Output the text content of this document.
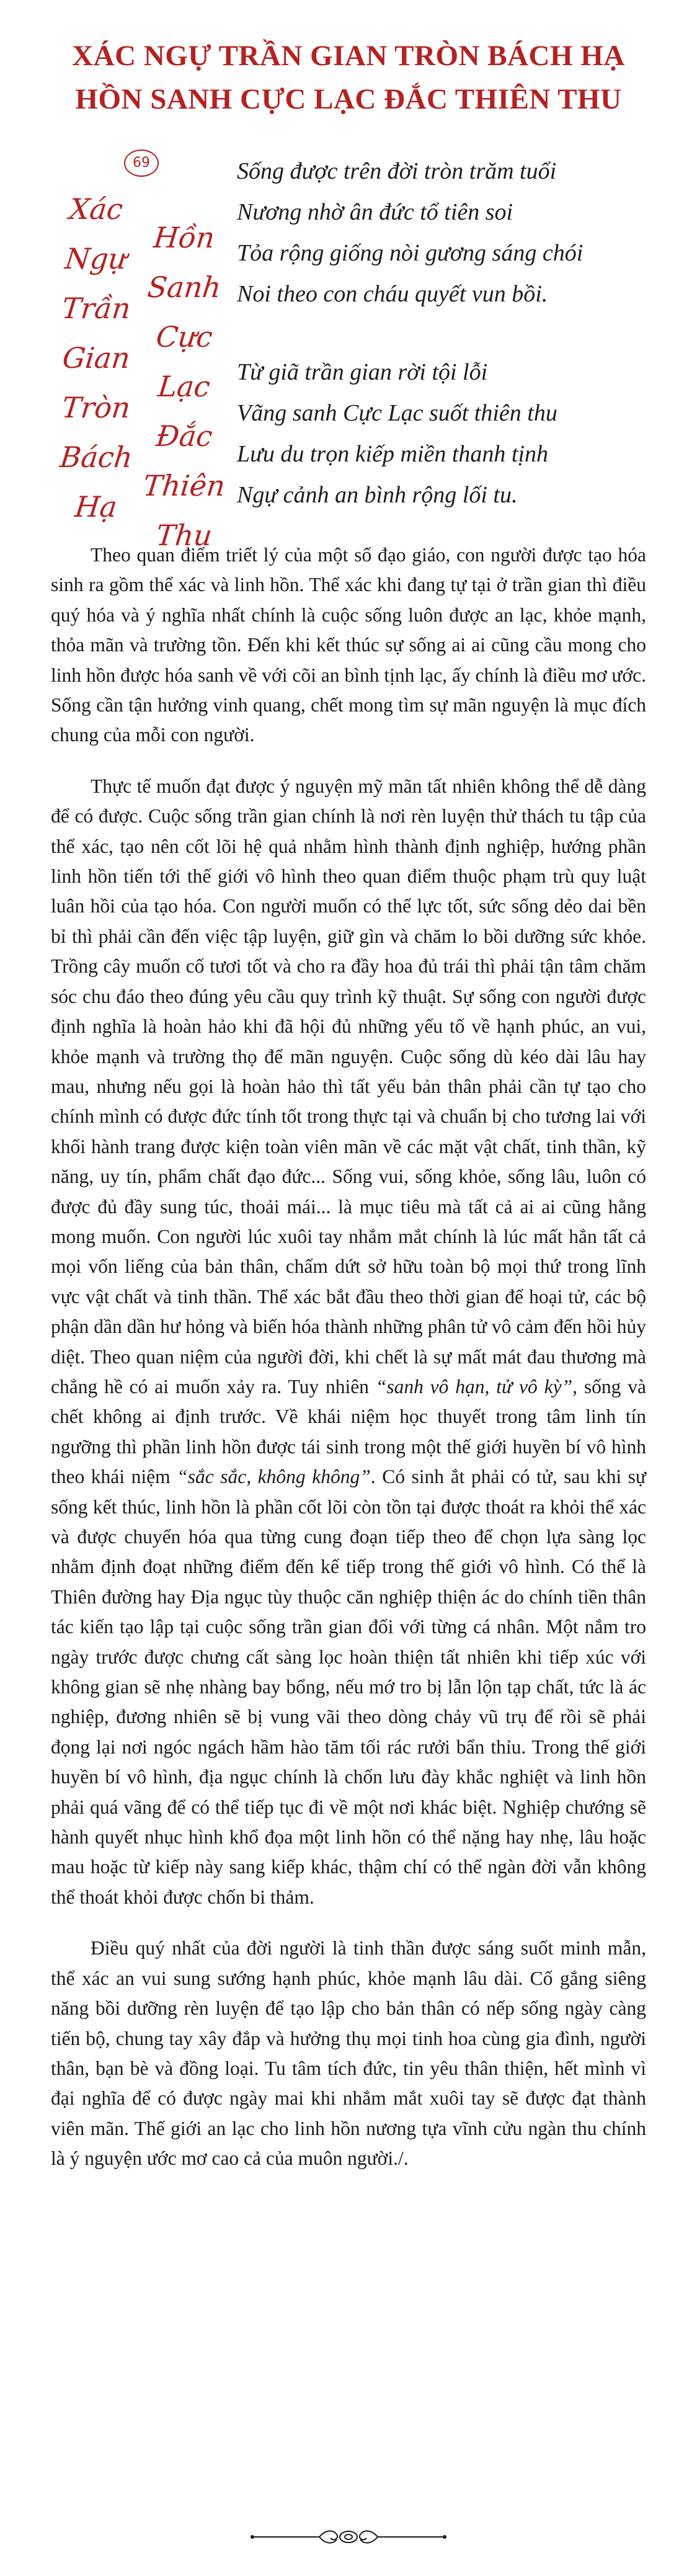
XÁC NGỰ TRẦN GIAN TRÒN BÁCH HẠ
HỒN SANH CỰC LẠC ĐẮC THIÊN THU
69
Xác
Ngự
Trần
Gian
Tròn
Bách
Hạ
Hồn
Sanh
Cực
Lạc
Đắc
Thiên
Thu
Sống được trên đời tròn trăm tuổi
Nương nhờ ân đức tổ tiên soi
Tỏa rộng giống nòi gương sáng chói
Noi theo con cháu quyết vun bồi.
Từ giã trần gian rời tội lỗi
Vãng sanh Cực Lạc suốt thiên thu
Lưu du trọn kiếp miền thanh tịnh
Ngự cảnh an bình rộng lối tu.

Theo quan điểm triết lý của một số đạo giáo, con người được tạo hóa sinh ra gồm thể xác và linh hồn. Thể xác khi đang tự tại ở trần gian thì điều quý hóa và ý nghĩa nhất chính là cuộc sống luôn được an lạc, khỏe mạnh, thỏa mãn và trường tồn. Đến khi kết thúc sự sống ai ai cũng cầu mong cho linh hồn được hóa sanh về với cõi an bình tịnh lạc, ấy chính là điều mơ ước. Sống cần tận hưởng vinh quang, chết mong tìm sự mãn nguyện là mục đích chung của mỗi con người.

Thực tế muốn đạt được ý nguyện mỹ mãn tất nhiên không thể dễ dàng để có được. Cuộc sống trần gian chính là nơi rèn luyện thử thách tu tập của thể xác, tạo nên cốt lõi hệ quả nhằm hình thành định nghiệp, hướng phần linh hồn tiến tới thế giới vô hình theo quan điểm thuộc phạm trù quy luật luân hồi của tạo hóa. Con người muốn có thể lực tốt, sức sống dẻo dai bền bỉ thì phải cần đến việc tập luyện, giữ gìn và chăm lo bồi dưỡng sức khỏe. Trồng cây muốn cố tươi tốt và cho ra đầy hoa đủ trái thì phải tận tâm chăm sóc chu đáo theo đúng yêu cầu quy trình kỹ thuật. Sự sống con người được định nghĩa là hoàn hảo khi đã hội đủ những yếu tố về hạnh phúc, an vui, khỏe mạnh và trường thọ để mãn nguyện. Cuộc sống dù kéo dài lâu hay mau, nhưng nếu gọi là hoàn hảo thì tất yếu bản thân phải cần tự tạo cho chính mình có được đức tính tốt trong thực tại và chuẩn bị cho tương lai với khối hành trang được kiện toàn viên mãn về các mặt vật chất, tinh thần, kỹ năng, uy tín, phẩm chất đạo đức... Sống vui, sống khỏe, sống lâu, luôn có được đủ đầy sung túc, thoải mái... là mục tiêu mà tất cả ai ai cũng hằng mong muốn. Con người lúc xuôi tay nhắm mắt chính là lúc mất hẳn tất cả mọi vốn liếng của bản thân, chấm dứt sở hữu toàn bộ mọi thứ trong lĩnh vực vật chất và tinh thần. Thể xác bắt đầu theo thời gian để hoại tử, các bộ phận dần dần hư hỏng và biến hóa thành những phân tử vô cảm đến hồi hủy diệt. Theo quan niệm của người đời, khi chết là sự mất mát đau thương mà chẳng hề có ai muốn xảy ra. Tuy nhiên “sanh vô hạn, tử vô kỳ”, sống và chết không ai định trước. Về khái niệm học thuyết trong tâm linh tín ngưỡng thì phần linh hồn được tái sinh trong một thế giới huyền bí vô hình theo khái niệm “sắc sắc, không không”. Có sinh ắt phải có tử, sau khi sự sống kết thúc, linh hồn là phần cốt lõi còn tồn tại được thoát ra khỏi thể xác và được chuyển hóa qua từng cung đoạn tiếp theo để chọn lựa sàng lọc nhằm định đoạt những điểm đến kế tiếp trong thế giới vô hình. Có thể là Thiên đường hay Địa ngục tùy thuộc căn nghiệp thiện ác do chính tiền thân tác kiến tạo lập tại cuộc sống trần gian đối với từng cá nhân. Một nắm tro ngày trước được chưng cất sàng lọc hoàn thiện tất nhiên khi tiếp xúc với không gian sẽ nhẹ nhàng bay bổng, nếu mớ tro bị lẫn lộn tạp chất, tức là ác nghiệp, đương nhiên sẽ bị vung vãi theo dòng chảy vũ trụ để rồi sẽ phải đọng lại nơi ngóc ngách hầm hào tăm tối rác rưởi bẩn thỉu. Trong thế giới huyền bí vô hình, địa ngục chính là chốn lưu đày khắc nghiệt và linh hồn phải quá vãng để có thể tiếp tục đi về một nơi khác biệt. Nghiệp chướng sẽ hành quyết nhục hình khổ đọa một linh hồn có thể nặng hay nhẹ, lâu hoặc mau hoặc từ kiếp này sang kiếp khác, thậm chí có thể ngàn đời vẫn không thể thoát khỏi được chốn bi thảm.

Điều quý nhất của đời người là tinh thần được sáng suốt minh mẫn, thể xác an vui sung sướng hạnh phúc, khỏe mạnh lâu dài. Cố gắng siêng năng bồi dưỡng rèn luyện để tạo lập cho bản thân có nếp sống ngày càng tiến bộ, chung tay xây đắp và hưởng thụ mọi tinh hoa cùng gia đình, người thân, bạn bè và đồng loại. Tu tâm tích đức, tin yêu thân thiện, hết mình vì đại nghĩa để có được ngày mai khi nhắm mắt xuôi tay sẽ được đạt thành viên mãn. Thế giới an lạc cho linh hồn nương tựa vĩnh cửu ngàn thu chính là ý nguyện ước mơ cao cả của muôn người./.
